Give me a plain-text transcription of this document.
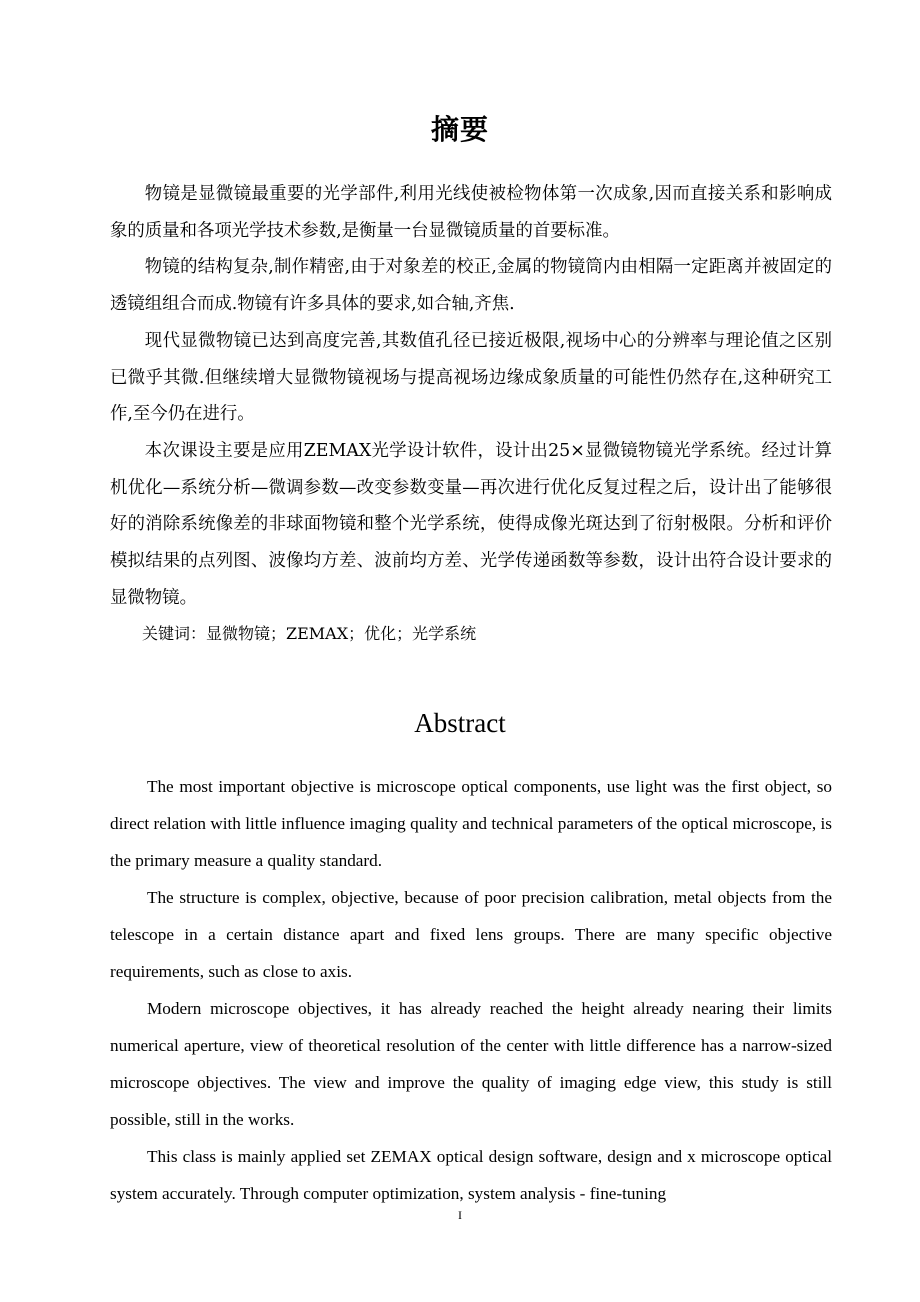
摘要

物镜是显微镜最重要的光学部件,利用光线使被检物体第一次成象,因而直接关系和影响成象的质量和各项光学技术参数,是衡量一台显微镜质量的首要标准。

物镜的结构复杂,制作精密,由于对象差的校正,金属的物镜筒内由相隔一定距离并被固定的透镜组组合而成.物镜有许多具体的要求,如合轴,齐焦.

现代显微物镜已达到高度完善,其数值孔径已接近极限,视场中心的分辨率与理论值之区别已微乎其微.但继续增大显微物镜视场与提高视场边缘成象质量的可能性仍然存在,这种研究工作,至今仍在进行。

本次课设主要是应用ZEMAX光学设计软件，设计出25×显微镜物镜光学系统。经过计算机优化—系统分析—微调参数—改变参数变量—再次进行优化反复过程之后，设计出了能够很好的消除系统像差的非球面物镜和整个光学系统，使得成像光斑达到了衍射极限。分析和评价模拟结果的点列图、波像均方差、波前均方差、光学传递函数等参数，设计出符合设计要求的显微物镜。

关键词：显微物镜；ZEMAX；优化；光学系统

Abstract

The most important objective is microscope optical components, use light was the first object, so direct relation with little influence imaging quality and technical parameters of the optical microscope, is the primary measure a quality standard.

The structure is complex, objective, because of poor precision calibration, metal objects from the telescope in a certain distance apart and fixed lens groups. There are many specific objective requirements, such as close to axis.

Modern microscope objectives, it has already reached the height already nearing their limits numerical aperture, view of theoretical resolution of the center with little difference has a narrow-sized microscope objectives. The view and improve the quality of imaging edge view, this study is still possible, still in the works.

This class is mainly applied set ZEMAX optical design software, design and x microscope optical system accurately. Through computer optimization, system analysis - fine-tuning

I
